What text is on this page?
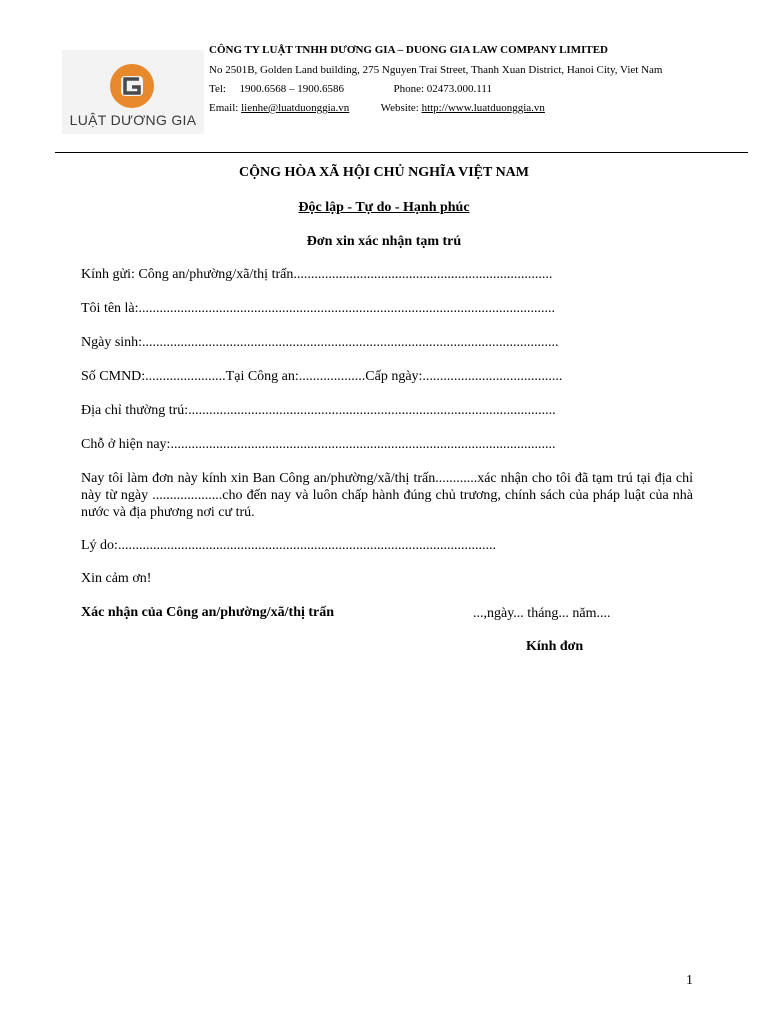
LUẬT DƯƠNG GIA
CÔNG TY LUẬT TNHH DƯƠNG GIA – DUONG GIA LAW COMPANY LIMITED
No 2501B, Golden Land building, 275 Nguyen Trai Street, Thanh Xuan District, Hanoi City, Viet Nam
Tel: 1900.6568 – 1900.6586	Phone: 02473.000.111
Email: lienhe@luatduonggia.vn	Website: http://www.luatduonggia.vn
CỘNG HÒA XÃ HỘI CHỦ NGHĨA VIỆT NAM
Độc lập - Tự do - Hạnh phúc
Đơn xin xác nhận tạm trú
Kính gửi: Công an/phường/xã/thị trấn..........................................................................
Tôi tên là:.......................................................................................................................
Ngày sinh:.......................................................................................................................
Số CMND:.......................Tại Công an:...................Cấp ngày:........................................
Địa chỉ thường trú:.........................................................................................................
Chỗ ở hiện nay:..............................................................................................................
Nay tôi làm đơn này kính xin Ban Công an/phường/xã/thị trấn............xác nhận cho tôi đã tạm trú tại địa chỉ này từ ngày ....................cho đến nay và luôn chấp hành đúng chủ trương, chính sách của pháp luật của nhà nước và địa phương nơi cư trú.
Lý do:............................................................................................................
Xin cảm ơn!
Xác nhận của Công an/phường/xã/thị trấn	...,ngày... tháng... năm....
Kính đơn
1
